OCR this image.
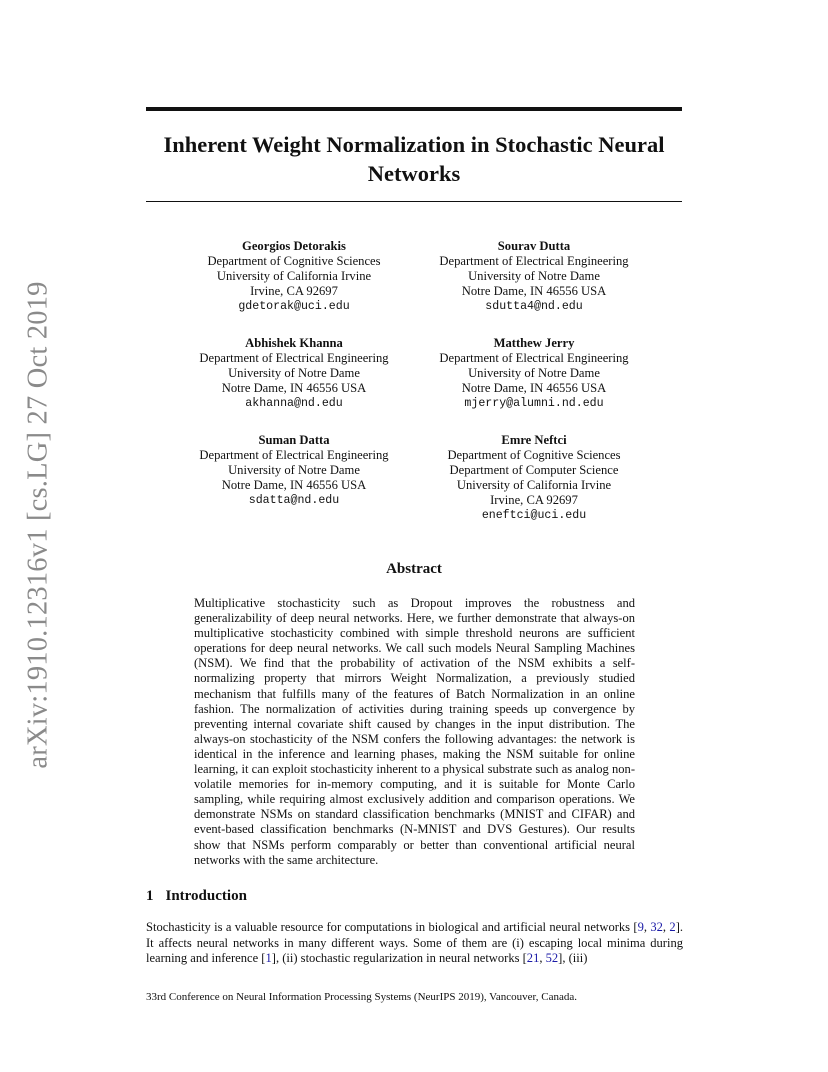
arXiv:1910.12316v1 [cs.LG] 27 Oct 2019
Inherent Weight Normalization in Stochastic Neural Networks
Georgios Detorakis
Department of Cognitive Sciences
University of California Irvine
Irvine, CA 92697
gdetorak@uci.edu
Sourav Dutta
Department of Electrical Engineering
University of Notre Dame
Notre Dame, IN 46556 USA
sdutta4@nd.edu
Abhishek Khanna
Department of Electrical Engineering
University of Notre Dame
Notre Dame, IN 46556 USA
akhanna@nd.edu
Matthew Jerry
Department of Electrical Engineering
University of Notre Dame
Notre Dame, IN 46556 USA
mjerry@alumni.nd.edu
Suman Datta
Department of Electrical Engineering
University of Notre Dame
Notre Dame, IN 46556 USA
sdatta@nd.edu
Emre Neftci
Department of Cognitive Sciences
Department of Computer Science
University of California Irvine
Irvine, CA 92697
eneftci@uci.edu
Abstract

Multiplicative stochasticity such as Dropout improves the robustness and generalizability of deep neural networks. Here, we further demonstrate that always-on multiplicative stochasticity combined with simple threshold neurons are sufficient operations for deep neural networks. We call such models Neural Sampling Machines (NSM). We find that the probability of activation of the NSM exhibits a self-normalizing property that mirrors Weight Normalization, a previously studied mechanism that fulfills many of the features of Batch Normalization in an online fashion. The normalization of activities during training speeds up convergence by preventing internal covariate shift caused by changes in the input distribution. The always-on stochasticity of the NSM confers the following advantages: the network is identical in the inference and learning phases, making the NSM suitable for online learning, it can exploit stochasticity inherent to a physical substrate such as analog non-volatile memories for in-memory computing, and it is suitable for Monte Carlo sampling, while requiring almost exclusively addition and comparison operations. We demonstrate NSMs on standard classification benchmarks (MNIST and CIFAR) and event-based classification benchmarks (N-MNIST and DVS Gestures). Our results show that NSMs perform comparably or better than conventional artificial neural networks with the same architecture.

1 Introduction

Stochasticity is a valuable resource for computations in biological and artificial neural networks [9, 32, 2]. It affects neural networks in many different ways. Some of them are (i) escaping local minima during learning and inference [1], (ii) stochastic regularization in neural networks [21, 52], (iii)

33rd Conference on Neural Information Processing Systems (NeurIPS 2019), Vancouver, Canada.
